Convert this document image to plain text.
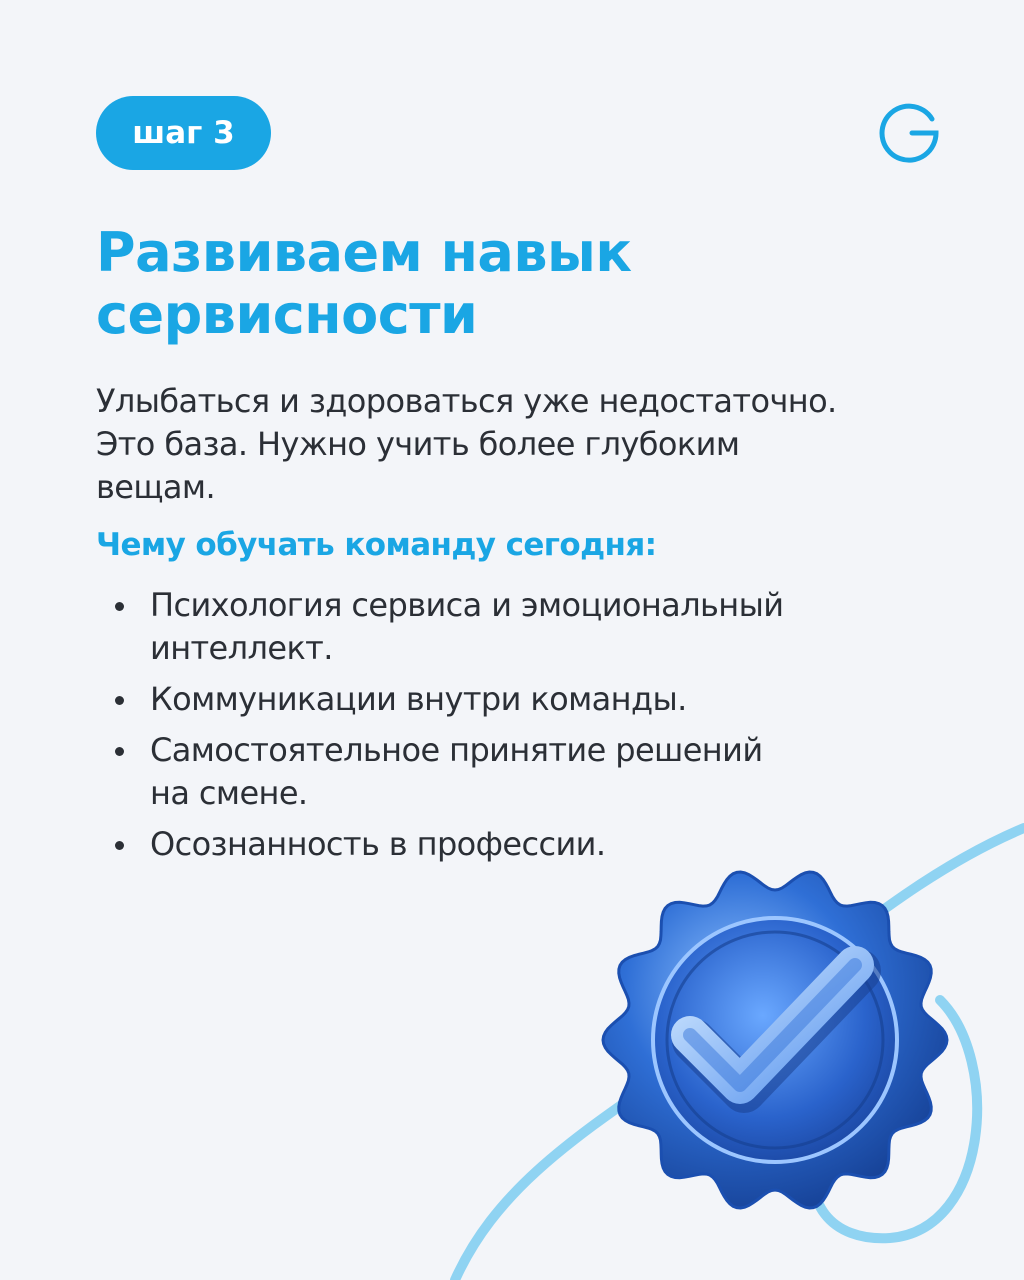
шаг 3
Развиваем навык
сервисности

Улыбаться и здороваться уже недостаточно.
Это база. Нужно учить более глубоким
вещам.

Чему обучать команду сегодня:
Психология сервиса и эмоциональный
интеллект.
Коммуникации внутри команды.
Самостоятельное принятие решений
на смене.
Осознанность в профессии.
